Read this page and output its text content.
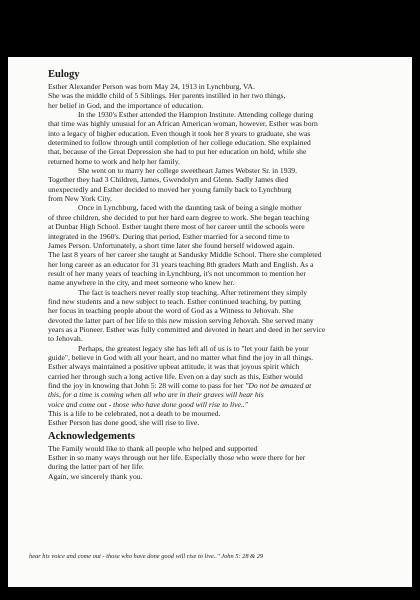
Eulogy

Esther Alexander Person was born May 24, 1913 in Lynchburg, VA.

She was the middle child of 5 Siblings. Her parents instilled in her two things,

her belief in God, and the importance of education.

In the 1930's Esther attended the Hampton Institute. Attending college during

that time was highly unusual for an African American woman, however, Esther was born

into a legacy of higher education. Even though it took her 8 years to graduate, she was

determined to follow through until completion of her college education. She explained

that, because of the Great Depression she had to put her education on hold, while she

returned home to work and help her family.

She went on to marry her college sweetheart James Webster Sr. in 1939.

Together they had 3 Children, James, Gwendolyn and Glenn. Sadly James died

unexpectedly and Esther decided to moved her young family back to Lynchburg

from New York City.

Once in Lynchburg, faced with the daunting task of being a single mother

of three children, she decided to put her hard earn degree to work. She began teaching

at Dunbar High School. Esther taught there most of her career until the schools were

integrated in the 1960's. During that period, Esther married for a second time to

James Person. Unfortunately, a short time later she found herself widowed again.

The last 8 years of her career she taught at Sandusky Middle School. There she completed

her long career as an educator for 31 years teaching 8th graders Math and English. As a

result of her many years of teaching in Lynchburg, it's not uncommon to mention her

name anywhere in the city, and meet someone who knew her.

The fact is teachers never really stop teaching. After retirement they simply

find new students and a new subject to teach. Esther continued teaching, by putting

her focus in teaching people about the word of God as a Witness to Jehovah. She

devoted the latter part of her life to this new mission serving Jehovah. She served many

years as a Pioneer. Esther was fully committed and devoted in heart and deed in her service

to Jehovah.

Perhaps, the greatest legacy she has left all of us is to "let your faith be your

guide", believe in God with all your heart, and no matter what find the joy in all things.

Esther always maintained a positive upbeat attitude, it was that joyous spirit which

carried her through such a long active life. Even on a day such as this, Esther would

find the joy in knowing that John 5: 28 will come to pass for her "Do not be amazed at

this, for a time is coming when all who are in their graves will hear his

voice and come out - those who have done good will rise to live.."

This is a life to be celebrated, not a death to be mourned.

Esther Person has done good, she will rise to live.

Acknowledgements

The Family would like to thank all people who helped and supported

Esther in so many ways through out her life. Especially those who were there for her

during the latter part of her life.

Again, we sincerely thank you.

hear his voice and come out - those who have done good will rise to live.." John 5: 28 & 29
